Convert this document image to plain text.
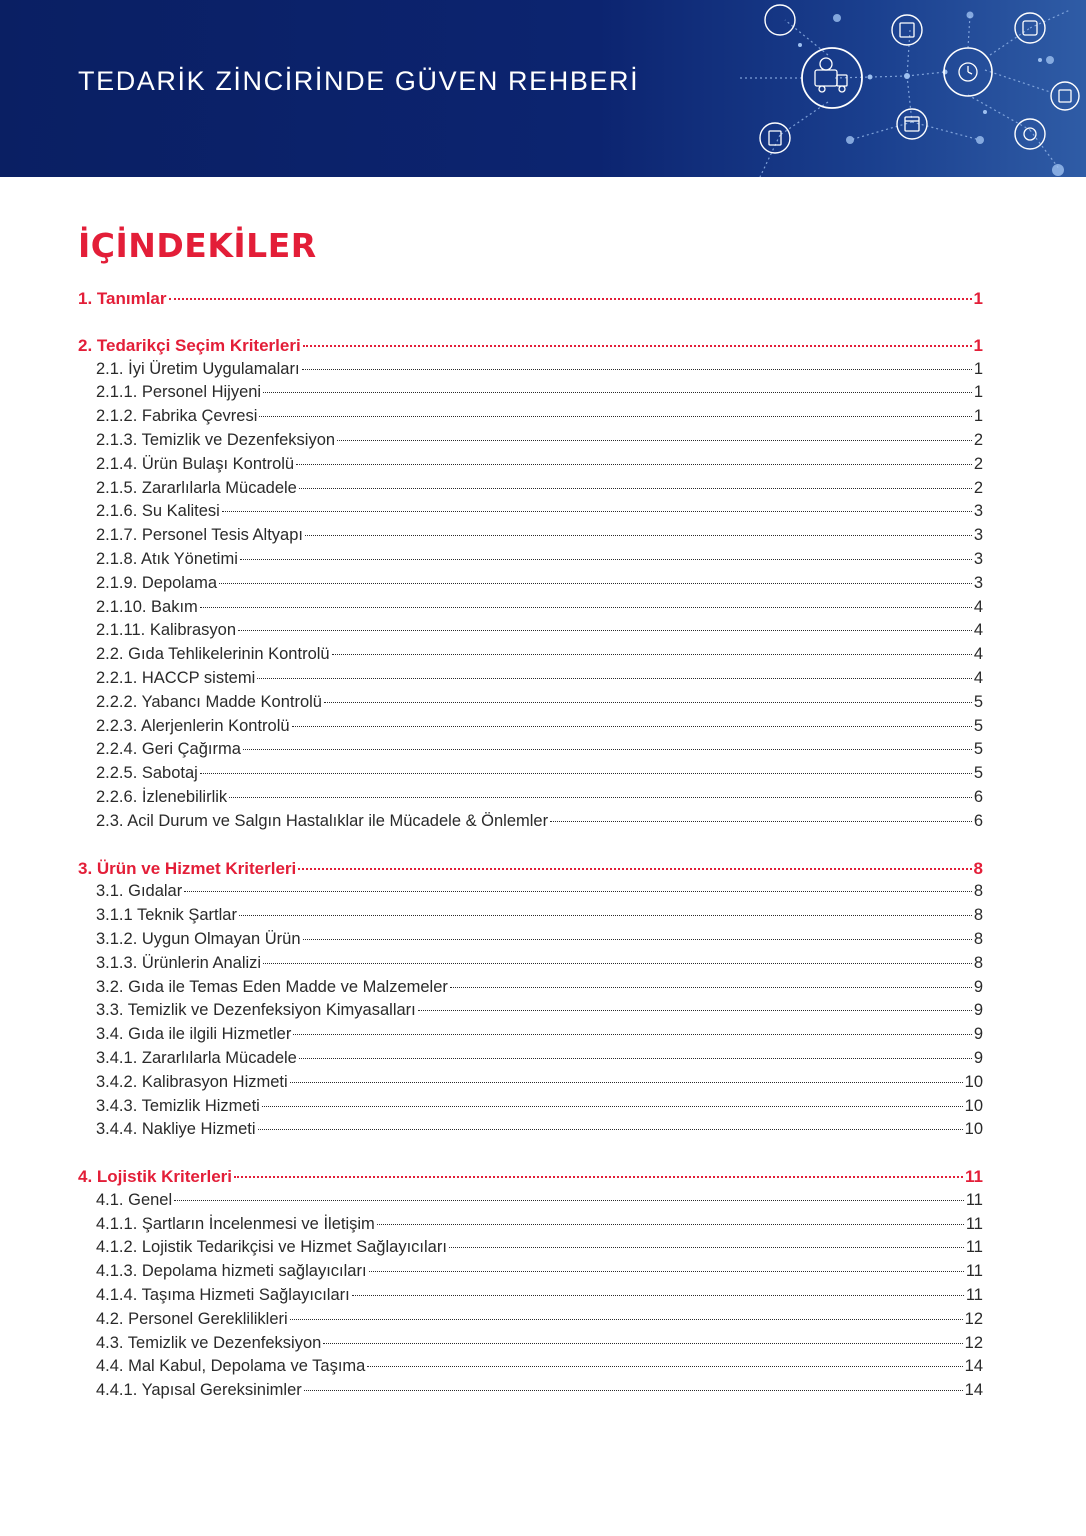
TEDARİK ZİNCİRİNDE GÜVEN REHBERİ
İÇİNDEKİLER
1. Tanımlar	1
2. Tedarikçi Seçim Kriterleri	1
2.1. İyi Üretim Uygulamaları	1
2.1.1. Personel Hijyeni	1
2.1.2. Fabrika Çevresi	1
2.1.3. Temizlik ve Dezenfeksiyon	2
2.1.4. Ürün Bulaşı Kontrolü	2
2.1.5. Zararlılarla Mücadele	2
2.1.6. Su Kalitesi	3
2.1.7. Personel Tesis Altyapı	3
2.1.8. Atık Yönetimi	3
2.1.9. Depolama	3
2.1.10. Bakım	4
2.1.11. Kalibrasyon	4
2.2. Gıda Tehlikelerinin Kontrolü	4
2.2.1. HACCP sistemi	4
2.2.2. Yabancı Madde Kontrolü	5
2.2.3. Alerjenlerin Kontrolü	5
2.2.4. Geri Çağırma	5
2.2.5. Sabotaj	5
2.2.6. İzlenebilirlik	6
2.3. Acil Durum ve Salgın Hastalıklar ile Mücadele & Önlemler	6
3. Ürün ve Hizmet Kriterleri	8
3.1. Gıdalar	8
3.1.1 Teknik Şartlar	8
3.1.2. Uygun Olmayan Ürün	8
3.1.3. Ürünlerin Analizi	8
3.2. Gıda ile Temas Eden Madde ve Malzemeler	9
3.3. Temizlik ve Dezenfeksiyon Kimyasalları	9
3.4. Gıda ile ilgili Hizmetler	9
3.4.1. Zararlılarla Mücadele	9
3.4.2. Kalibrasyon Hizmeti	10
3.4.3. Temizlik Hizmeti	10
3.4.4. Nakliye Hizmeti	10
4. Lojistik Kriterleri	11
4.1. Genel	11
4.1.1. Şartların İncelenmesi ve İletişim	11
4.1.2. Lojistik Tedarikçisi ve Hizmet Sağlayıcıları	11
4.1.3. Depolama hizmeti sağlayıcıları	11
4.1.4. Taşıma Hizmeti Sağlayıcıları	11
4.2. Personel Gereklilikleri	12
4.3. Temizlik ve Dezenfeksiyon	12
4.4. Mal Kabul, Depolama ve Taşıma	14
4.4.1. Yapısal Gereksinimler	14
